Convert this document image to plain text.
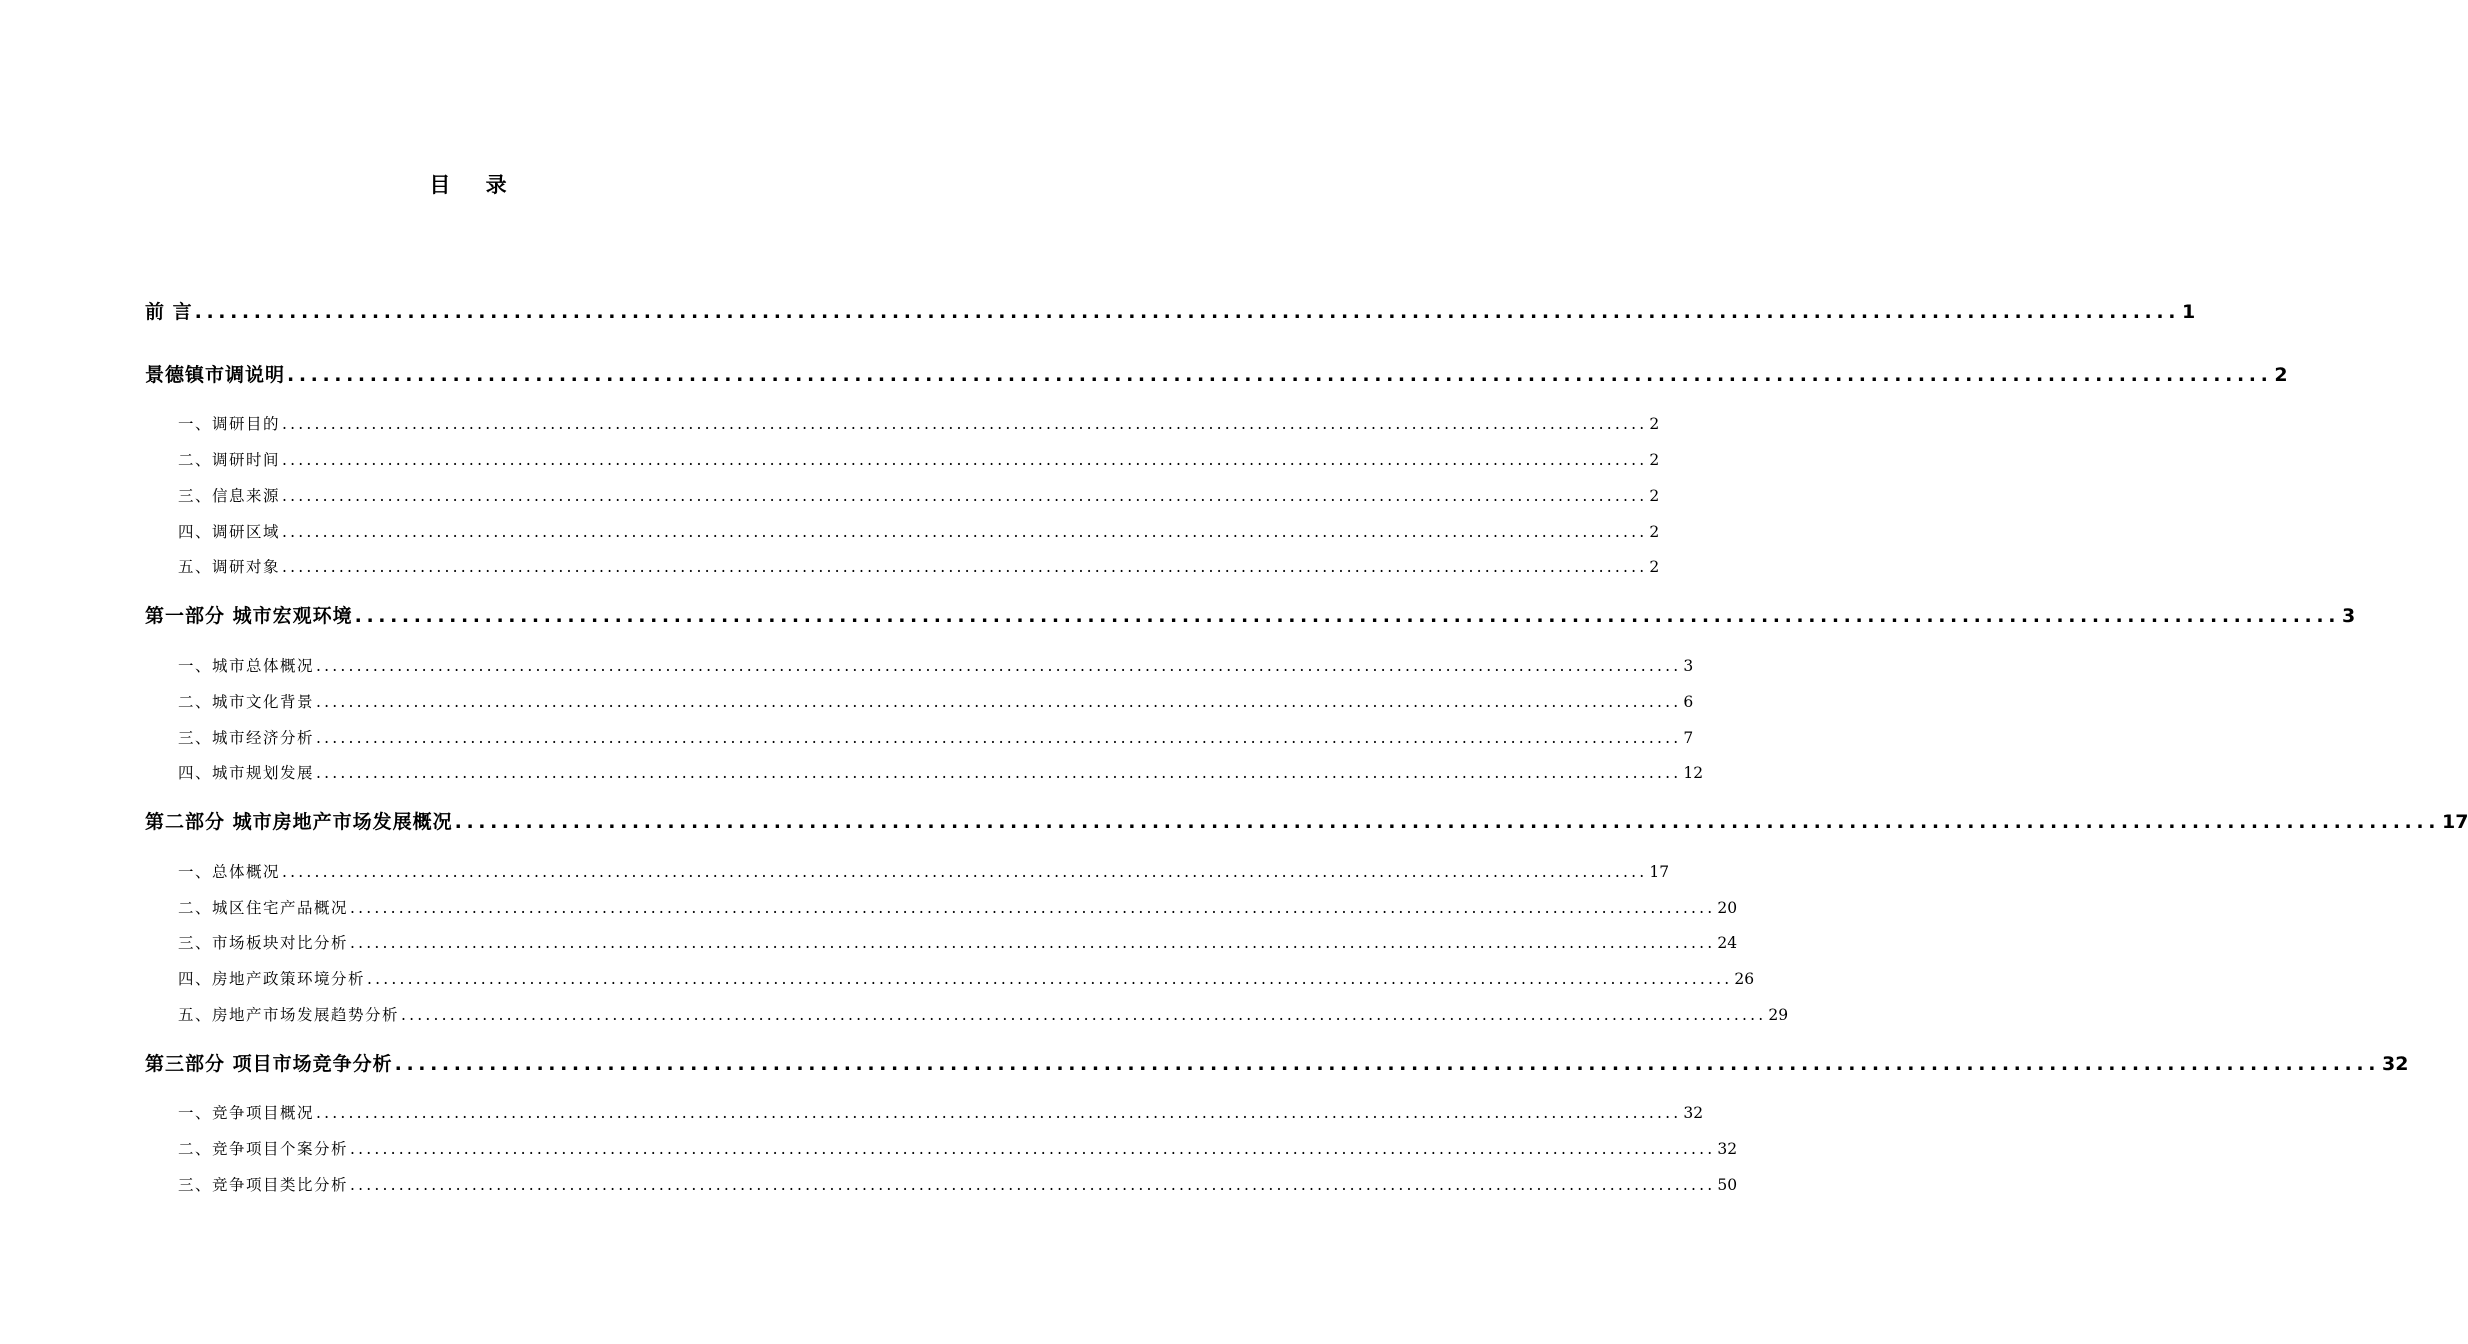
目 录
前 言 ........................................................................................................................................................................ 1
景德镇市调说明 ........................................................................................................................................................................ 2
一、调研目的 ........................................................................................................................................................................ 2
二、调研时间 ........................................................................................................................................................................ 2
三、信息来源 ........................................................................................................................................................................ 2
四、调研区域 ........................................................................................................................................................................ 2
五、调研对象 ........................................................................................................................................................................ 2
第一部分 城市宏观环境 ........................................................................................................................................................................ 3
一、城市总体概况 ........................................................................................................................................................................ 3
二、城市文化背景 ........................................................................................................................................................................ 6
三、城市经济分析 ........................................................................................................................................................................ 7
四、城市规划发展 ........................................................................................................................................................................ 12
第二部分 城市房地产市场发展概况 ........................................................................................................................................................................ 17
一、总体概况 ........................................................................................................................................................................ 17
二、城区住宅产品概况 ........................................................................................................................................................................ 20
三、市场板块对比分析 ........................................................................................................................................................................ 24
四、房地产政策环境分析 ........................................................................................................................................................................ 26
五、房地产市场发展趋势分析 ........................................................................................................................................................................ 29
第三部分 项目市场竞争分析 ........................................................................................................................................................................ 32
一、竞争项目概况 ........................................................................................................................................................................ 32
二、竞争项目个案分析 ........................................................................................................................................................................ 32
三、竞争项目类比分析 ........................................................................................................................................................................ 50
